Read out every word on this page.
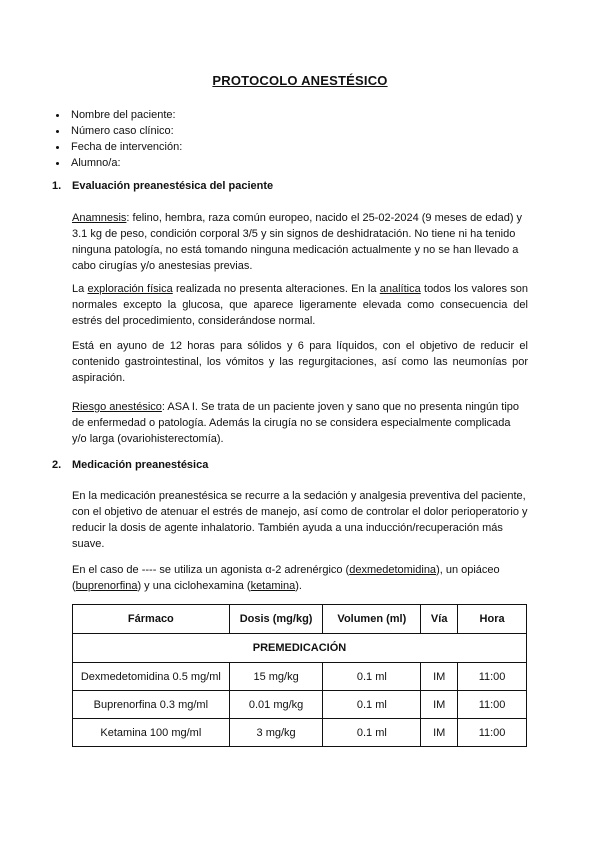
PROTOCOLO ANESTÉSICO
Nombre del paciente:
Número caso clínico:
Fecha de intervención:
Alumno/a:
1. Evaluación preanestésica del paciente

Anamnesis: felino, hembra, raza común europeo, nacido el 25-02-2024 (9 meses de edad) y 3.1 kg de peso, condición corporal 3/5 y sin signos de deshidratación. No tiene ni ha tenido ninguna patología, no está tomando ninguna medicación actualmente y no se han llevado a cabo cirugías y/o anestesias previas.

La exploración física realizada no presenta alteraciones. En la analítica todos los valores son normales excepto la glucosa, que aparece ligeramente elevada como consecuencia del estrés del procedimiento, considerándose normal.

Está en ayuno de 12 horas para sólidos y 6 para líquidos, con el objetivo de reducir el contenido gastrointestinal, los vómitos y las regurgitaciones, así como las neumonías por aspiración.

Riesgo anestésico: ASA I. Se trata de un paciente joven y sano que no presenta ningún tipo de enfermedad o patología. Además la cirugía no se considera especialmente complicada y/o larga (ovariohisterectomía).

2. Medicación preanestésica

En la medicación preanestésica se recurre a la sedación y analgesia preventiva del paciente, con el objetivo de atenuar el estrés de manejo, así como de controlar el dolor perioperatorio y reducir la dosis de agente inhalatorio. También ayuda a una inducción/recuperación más suave.

En el caso de ---- se utiliza un agonista α-2 adrenérgico (dexmedetomidina), un opiáceo (buprenorfina) y una ciclohexamina (ketamina).

Fármaco	Dosis (mg/kg)	Volumen (ml)	Vía	Hora
PREMEDICACIÓN				
Dexmedetomidina 0.5 mg/ml	15 mg/kg	0.1 ml	IM	11:00
Buprenorfina 0.3 mg/ml	0.01 mg/kg	0.1 ml	IM	11:00
Ketamina 100 mg/ml	3 mg/kg	0.1 ml	IM	11:00
